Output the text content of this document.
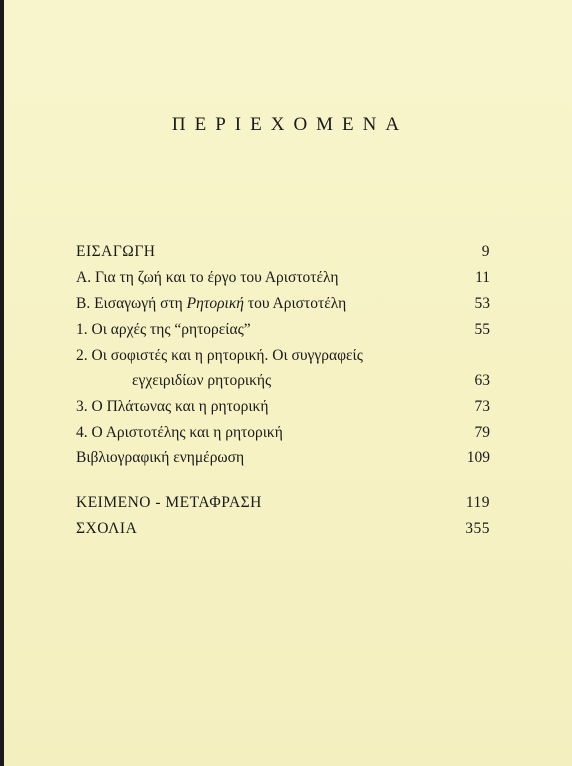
ΠΕΡΙΕΧΟΜΕΝΑ
ΕΙΣΑΓΩΓΗ	9
Α. Για τη ζωή και το έργο του Αριστοτέλη	11
Β. Εισαγωγή στη Ρητορική του Αριστοτέλη	53
1. Οι αρχές της “ρητορείας”	55
2. Οι σοφιστές και η ρητορική. Οι συγγραφείς
εγχειριδίων ρητορικής	63
3. Ο Πλάτωνας και η ρητορική	73
4. Ο Αριστοτέλης και η ρητορική	79
Βιβλιογραφική ενημέρωση	109
ΚΕΙΜΕΝΟ - ΜΕΤΑΦΡΑΣΗ	119
ΣΧΟΛΙΑ	355
